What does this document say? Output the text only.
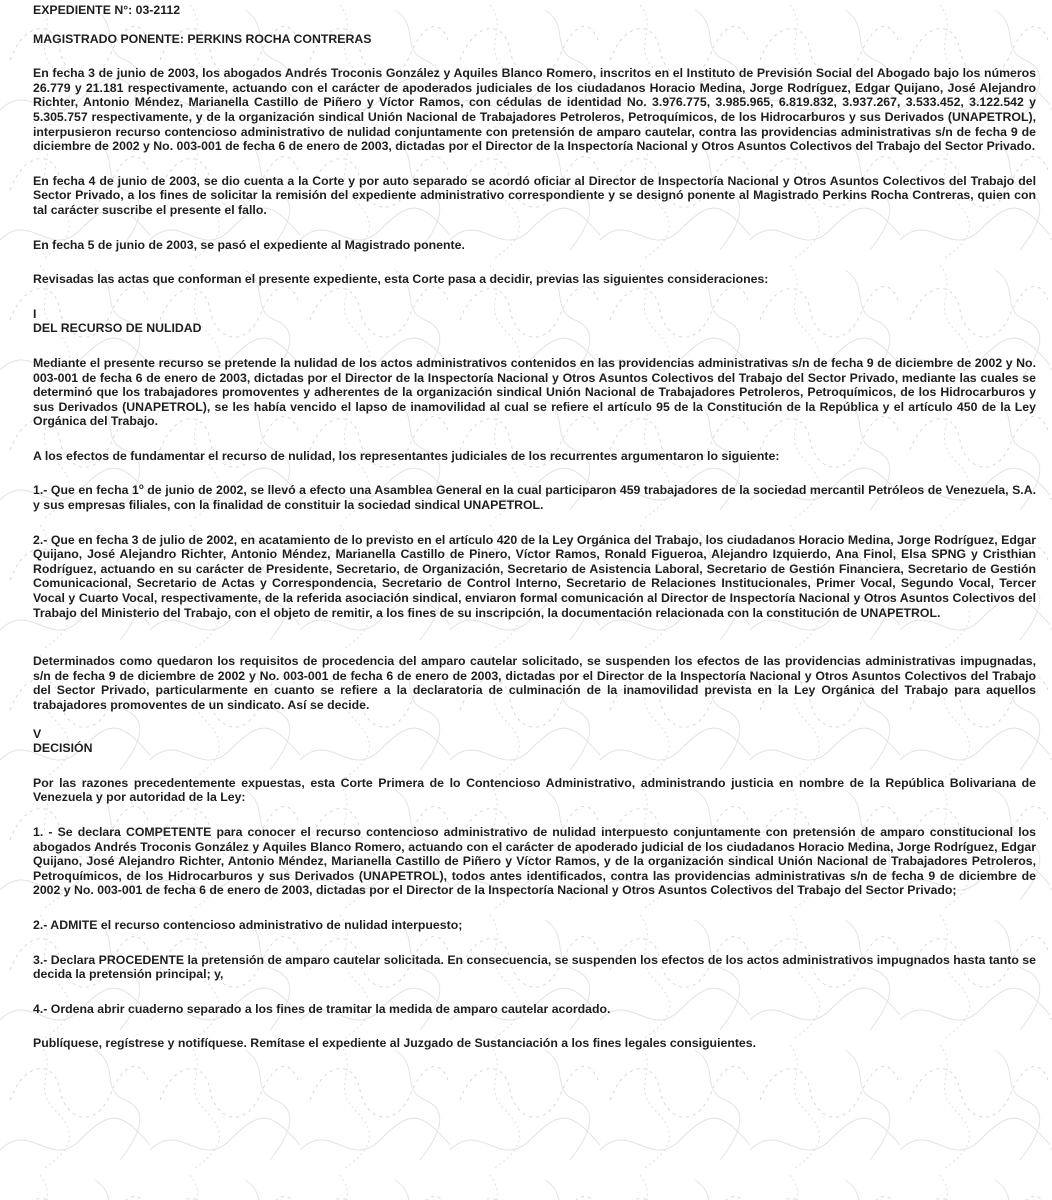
EXPEDIENTE N°: 03-2112

MAGISTRADO PONENTE: PERKINS ROCHA CONTRERAS

En fecha 3 de junio de 2003, los abogados Andrés Troconis González y Aquiles Blanco Romero, inscritos en el Instituto de Previsión Social del Abogado bajo los números 26.779 y 21.181 respectivamente, actuando con el carácter de apoderados judiciales de los ciudadanos Horacio Medina, Jorge Rodríguez, Edgar Quijano, José Alejandro Richter, Antonio Méndez, Marianella Castillo de Piñero y Víctor Ramos, con cédulas de identidad No. 3.976.775, 3.985.965, 6.819.832, 3.937.267, 3.533.452, 3.122.542 y 5.305.757 respectivamente, y de la organización sindical Unión Nacional de Trabajadores Petroleros, Petroquímicos, de los Hidrocarburos y sus Derivados (UNAPETROL), interpusieron recurso contencioso administrativo de nulidad conjuntamente con pretensión de amparo cautelar, contra las providencias administrativas s/n de fecha 9 de diciembre de 2002 y No. 003-001 de fecha 6 de enero de 2003, dictadas por el Director de la Inspectoría Nacional y Otros Asuntos Colectivos del Trabajo del Sector Privado.

En fecha 4 de junio de 2003, se dio cuenta a la Corte y por auto separado se acordó oficiar al Director de Inspectoría Nacional y Otros Asuntos Colectivos del Trabajo del Sector Privado, a los fines de solicitar la remisión del expediente administrativo correspondiente y se designó ponente al Magistrado Perkins Rocha Contreras, quien con tal carácter suscribe el presente el fallo.

En fecha 5 de junio de 2003, se pasó el expediente al Magistrado ponente.

Revisadas las actas que conforman el presente expediente, esta Corte pasa a decidir, previas las siguientes consideraciones:

I
DEL RECURSO DE NULIDAD

Mediante el presente recurso se pretende la nulidad de los actos administrativos contenidos en las providencias administrativas s/n de fecha 9 de diciembre de 2002 y No. 003-001 de fecha 6 de enero de 2003, dictadas por el Director de la Inspectoría Nacional y Otros Asuntos Colectivos del Trabajo del Sector Privado, mediante las cuales se determinó que los trabajadores promoventes y adherentes de la organización sindical Unión Nacional de Trabajadores Petroleros, Petroquímicos, de los Hidrocarburos y sus Derivados (UNAPETROL), se les había vencido el lapso de inamovilidad al cual se refiere el artículo 95 de la Constitución de la República y el artículo 450 de la Ley Orgánica del Trabajo.

A los efectos de fundamentar el recurso de nulidad, los representantes judiciales de los recurrentes argumentaron lo siguiente:

1.- Que en fecha 1$^o$ de junio de 2002, se llevó a efecto una Asamblea General en la cual participaron 459 trabajadores de la sociedad mercantil Petróleos de Venezuela, S.A. y sus empresas filiales, con la finalidad de constituir la sociedad sindical UNAPETROL.

2.- Que en fecha 3 de julio de 2002, en acatamiento de lo previsto en el artículo 420 de la Ley Orgánica del Trabajo, los ciudadanos Horacio Medina, Jorge Rodríguez, Edgar Quijano, José Alejandro Richter, Antonio Méndez, Marianella Castillo de Pinero, Víctor Ramos, Ronald Figueroa, Alejandro Izquierdo, Ana Finol, Elsa SPNG y Cristhian Rodríguez, actuando en su carácter de Presidente, Secretario, de Organización, Secretario de Asistencia Laboral, Secretario de Gestión Financiera, Secretario de Gestión Comunicacional, Secretario de Actas y Correspondencia, Secretario de Control Interno, Secretario de Relaciones Institucionales, Primer Vocal, Segundo Vocal, Tercer Vocal y Cuarto Vocal, respectivamente, de la referida asociación sindical, enviaron formal comunicación al Director de Inspectoría Nacional y Otros Asuntos Colectivos del Trabajo del Ministerio del Trabajo, con el objeto de remitir, a los fines de su inscripción, la documentación relacionada con la constitución de UNAPETROL.

Determinados como quedaron los requisitos de procedencia del amparo cautelar solicitado, se suspenden los efectos de las providencias administrativas impugnadas, s/n de fecha 9 de diciembre de 2002 y No. 003-001 de fecha 6 de enero de 2003, dictadas por el Director de la Inspectoría Nacional y Otros Asuntos Colectivos del Trabajo del Sector Privado, particularmente en cuanto se refiere a la declaratoria de culminación de la inamovilidad prevista en la Ley Orgánica del Trabajo para aquellos trabajadores promoventes de un sindicato. Así se decide.

V
DECISIÓN

Por las razones precedentemente expuestas, esta Corte Primera de lo Contencioso Administrativo, administrando justicia en nombre de la República Bolivariana de Venezuela y por autoridad de la Ley:

1. - Se declara COMPETENTE para conocer el recurso contencioso administrativo de nulidad interpuesto conjuntamente con pretensión de amparo constitucional los abogados Andrés Troconis González y Aquiles Blanco Romero, actuando con el carácter de apoderado judicial de los ciudadanos Horacio Medina, Jorge Rodríguez, Edgar Quijano, José Alejandro Richter, Antonio Méndez, Marianella Castillo de Piñero y Víctor Ramos, y de la organización sindical Unión Nacional de Trabajadores Petroleros, Petroquímicos, de los Hidrocarburos y sus Derivados (UNAPETROL), todos antes identificados, contra las providencias administrativas s/n de fecha 9 de diciembre de 2002 y No. 003-001 de fecha 6 de enero de 2003, dictadas por el Director de la Inspectoría Nacional y Otros Asuntos Colectivos del Trabajo del Sector Privado;

2.- ADMITE el recurso contencioso administrativo de nulidad interpuesto;

3.- Declara PROCEDENTE la pretensión de amparo cautelar solicitada. En consecuencia, se suspenden los efectos de los actos administrativos impugnados hasta tanto se decida la pretensión principal; y,

4.- Ordena abrir cuaderno separado a los fines de tramitar la medida de amparo cautelar acordado.

Publíquese, regístrese y notifíquese. Remítase el expediente al Juzgado de Sustanciación a los fines legales consiguientes.
